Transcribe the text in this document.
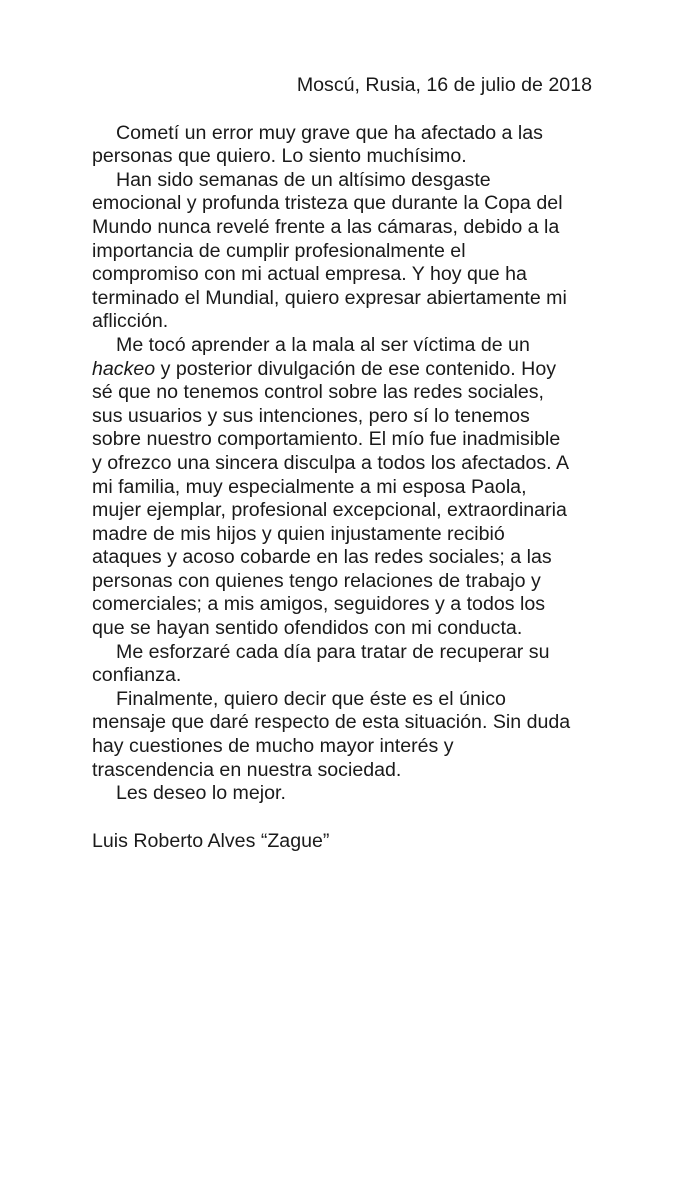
Moscú, Rusia, 16 de julio de 2018
Cometí un error muy grave que ha afectado a las
personas que quiero. Lo siento muchísimo.
Han sido semanas de un altísimo desgaste
emocional y profunda tristeza que durante la Copa del
Mundo nunca revelé frente a las cámaras, debido a la
importancia de cumplir profesionalmente el
compromiso con mi actual empresa. Y hoy que ha
terminado el Mundial, quiero expresar abiertamente mi
aflicción.
Me tocó aprender a la mala al ser víctima de un
hackeo y posterior divulgación de ese contenido. Hoy
sé que no tenemos control sobre las redes sociales,
sus usuarios y sus intenciones, pero sí lo tenemos
sobre nuestro comportamiento. El mío fue inadmisible
y ofrezco una sincera disculpa a todos los afectados. A
mi familia, muy especialmente a mi esposa Paola,
mujer ejemplar, profesional excepcional, extraordinaria
madre de mis hijos y quien injustamente recibió
ataques y acoso cobarde en las redes sociales; a las
personas con quienes tengo relaciones de trabajo y
comerciales; a mis amigos, seguidores y a todos los
que se hayan sentido ofendidos con mi conducta.
Me esforzaré cada día para tratar de recuperar su
confianza.
Finalmente, quiero decir que éste es el único
mensaje que daré respecto de esta situación. Sin duda
hay cuestiones de mucho mayor interés y
trascendencia en nuestra sociedad.
Les deseo lo mejor.
Luis Roberto Alves “Zague”
